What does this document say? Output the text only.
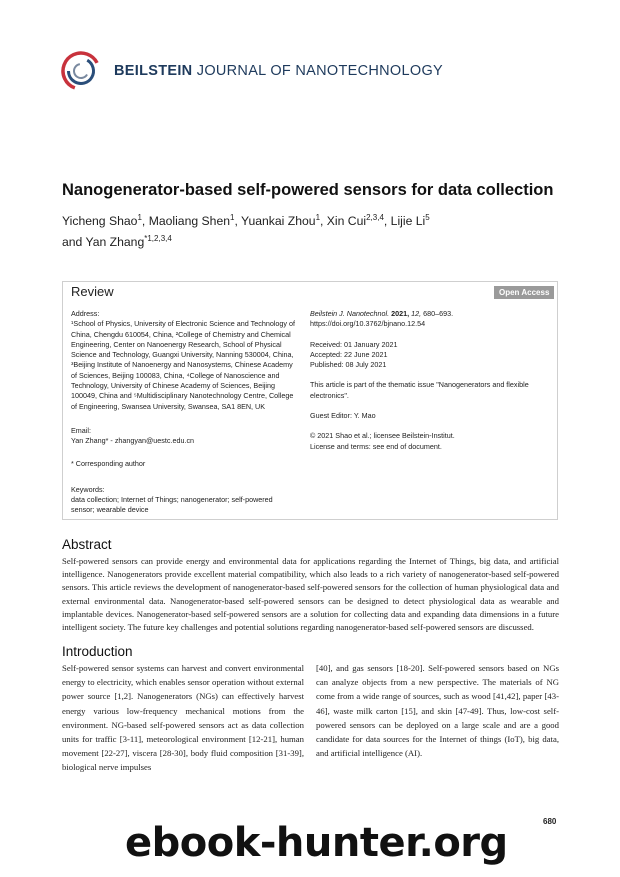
BEILSTEIN JOURNAL OF NANOTECHNOLOGY
Nanogenerator-based self-powered sensors for data collection
Yicheng Shao$^1$, Maoliang Shen$^1$, Yuankai Zhou$^1$, Xin Cui$^{2,3,4}$, Lijie Li$^5$
and Yan Zhang$^{*1,2,3,4}$
Review	Open Access
Address:
¹School of Physics, University of Electronic Science and Technology of China, Chengdu 610054, China, ²College of Chemistry and Chemical Engineering, Center on Nanoenergy Research, School of Physical Science and Technology, Guangxi University, Nanning 530004, China, ³Beijing Institute of Nanoenergy and Nanosystems, Chinese Academy of Sciences, Beijing 100083, China, ⁴College of Nanoscience and Technology, University of Chinese Academy of Sciences, Beijing 100049, China and ⁵Multidisciplinary Nanotechnology Centre, College of Engineering, Swansea University, Swansea, SA1 8EN, UK
Email:
Yan Zhang* - zhangyan@uestc.edu.cn
* Corresponding author
Keywords:
data collection; Internet of Things; nanogenerator; self-powered sensor; wearable device
Beilstein J. Nanotechnol. 2021, 12, 680–693.
https://doi.org/10.3762/bjnano.12.54
Received: 01 January 2021
Accepted: 22 June 2021
Published: 08 July 2021
This article is part of the thematic issue "Nanogenerators and flexible electronics".
Guest Editor: Y. Mao
© 2021 Shao et al.; licensee Beilstein-Institut.
License and terms: see end of document.
Abstract
Self-powered sensors can provide energy and environmental data for applications regarding the Internet of Things, big data, and artificial intelligence. Nanogenerators provide excellent material compatibility, which also leads to a rich variety of nanogenerator-based self-powered sensors. This article reviews the development of nanogenerator-based self-powered sensors for the collection of human physiological data and external environmental data. Nanogenerator-based self-powered sensors can be designed to detect physiological data as wearable and implantable devices. Nanogenerator-based self-powered sensors are a solution for collecting data and expanding data dimensions in a future intelligent society. The future key challenges and potential solutions regarding nanogenerator-based self-powered sensors are discussed.
Introduction
Self-powered sensor systems can harvest and convert environmental energy to electricity, which enables sensor operation without external power source [1,2]. Nanogenerators (NGs) can effectively harvest energy various low-frequency mechanical motions from the environment. NG-based self-powered sensors act as data collection units for traffic [3-11], meteorological environment [12-21], human movement [22-27], viscera [28-30], body fluid composition [31-39], biological nerve impulses
[40], and gas sensors [18-20]. Self-powered sensors based on NGs can analyze objects from a new perspective. The materials of NG come from a wide range of sources, such as wood [41,42], paper [43-46], waste milk carton [15], and skin [47-49]. Thus, low-cost self-powered sensors can be deployed on a large scale and are a good candidate for data sources for the Internet of things (IoT), big data, and artificial intelligence (AI).
680
ebook-hunter.org
